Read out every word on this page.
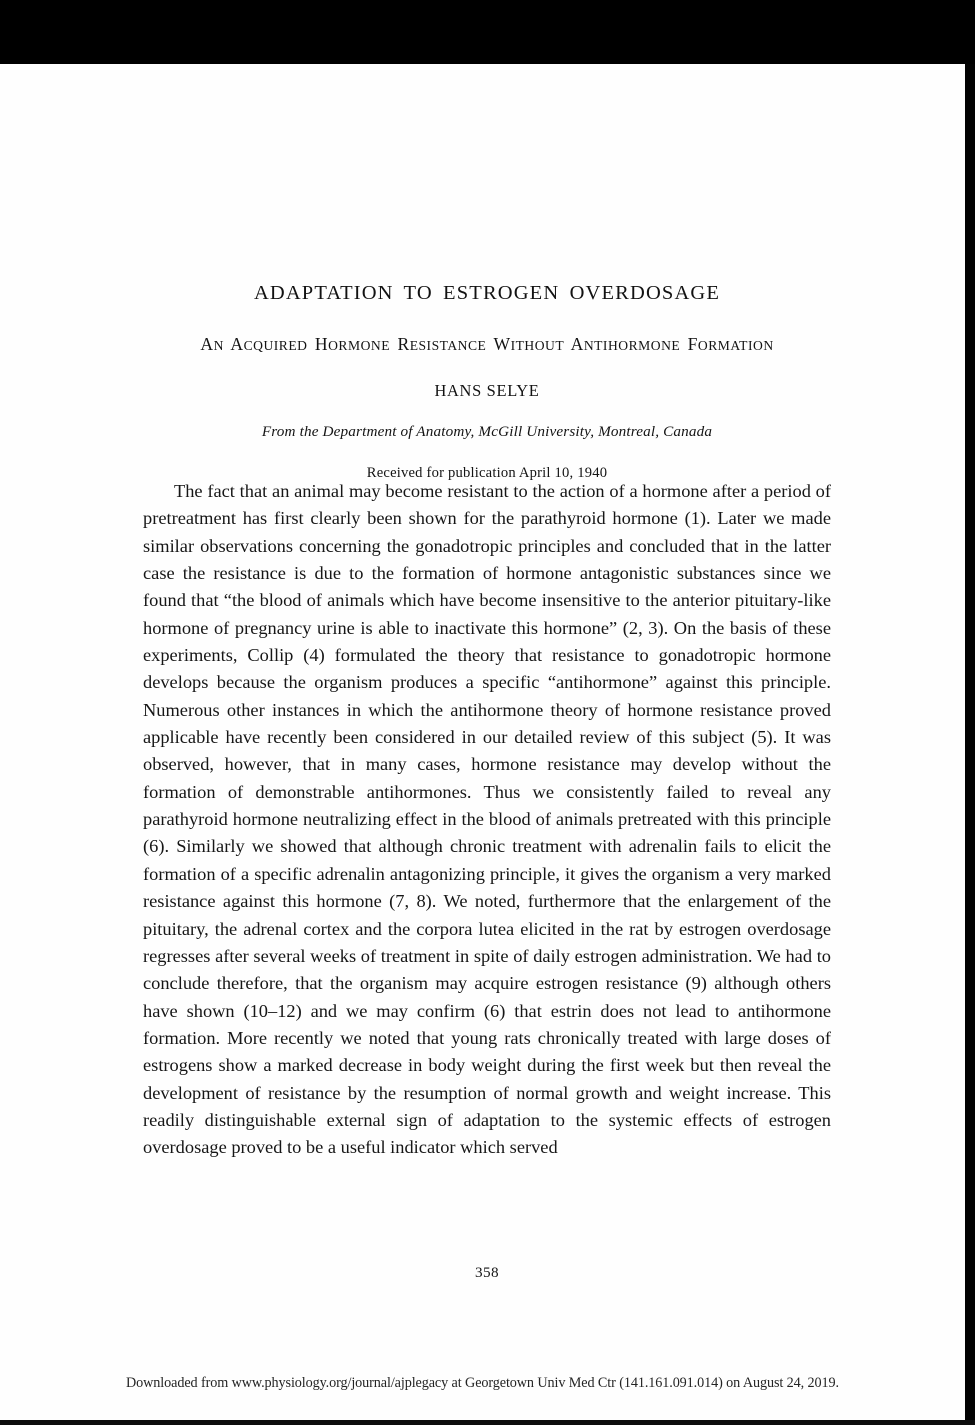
ADAPTATION TO ESTROGEN OVERDOSAGE
AN ACQUIRED HORMONE RESISTANCE WITHOUT ANTIHORMONE FORMATION
HANS SELYE
From the Department of Anatomy, McGill University, Montreal, Canada
Received for publication April 10, 1940

The fact that an animal may become resistant to the action of a hormone after a period of pretreatment has first clearly been shown for the parathyroid hormone (1). Later we made similar observations concerning the gonadotropic principles and concluded that in the latter case the resistance is due to the formation of hormone antagonistic substances since we found that “the blood of animals which have become insensitive to the anterior pituitary-like hormone of pregnancy urine is able to inactivate this hormone” (2, 3). On the basis of these experiments, Collip (4) formulated the theory that resistance to gonadotropic hormone develops because the organism produces a specific “antihormone” against this principle. Numerous other instances in which the antihormone theory of hormone resistance proved applicable have recently been considered in our detailed review of this subject (5). It was observed, however, that in many cases, hormone resistance may develop without the formation of demonstrable antihormones. Thus we consistently failed to reveal any parathyroid hormone neutralizing effect in the blood of animals pretreated with this principle (6). Similarly we showed that although chronic treatment with adrenalin fails to elicit the formation of a specific adrenalin antagonizing principle, it gives the organism a very marked resistance against this hormone (7, 8). We noted, furthermore that the enlargement of the pituitary, the adrenal cortex and the corpora lutea elicited in the rat by estrogen overdosage regresses after several weeks of treatment in spite of daily estrogen administration. We had to conclude therefore, that the organism may acquire estrogen resistance (9) although others have shown (10–12) and we may confirm (6) that estrin does not lead to antihormone formation. More recently we noted that young rats chronically treated with large doses of estrogens show a marked decrease in body weight during the first week but then reveal the development of resistance by the resumption of normal growth and weight increase. This readily distinguishable external sign of adaptation to the systemic effects of estrogen overdosage proved to be a useful indicator which served

358
Downloaded from www.physiology.org/journal/ajplegacy at Georgetown Univ Med Ctr (141.161.091.014) on August 24, 2019.
